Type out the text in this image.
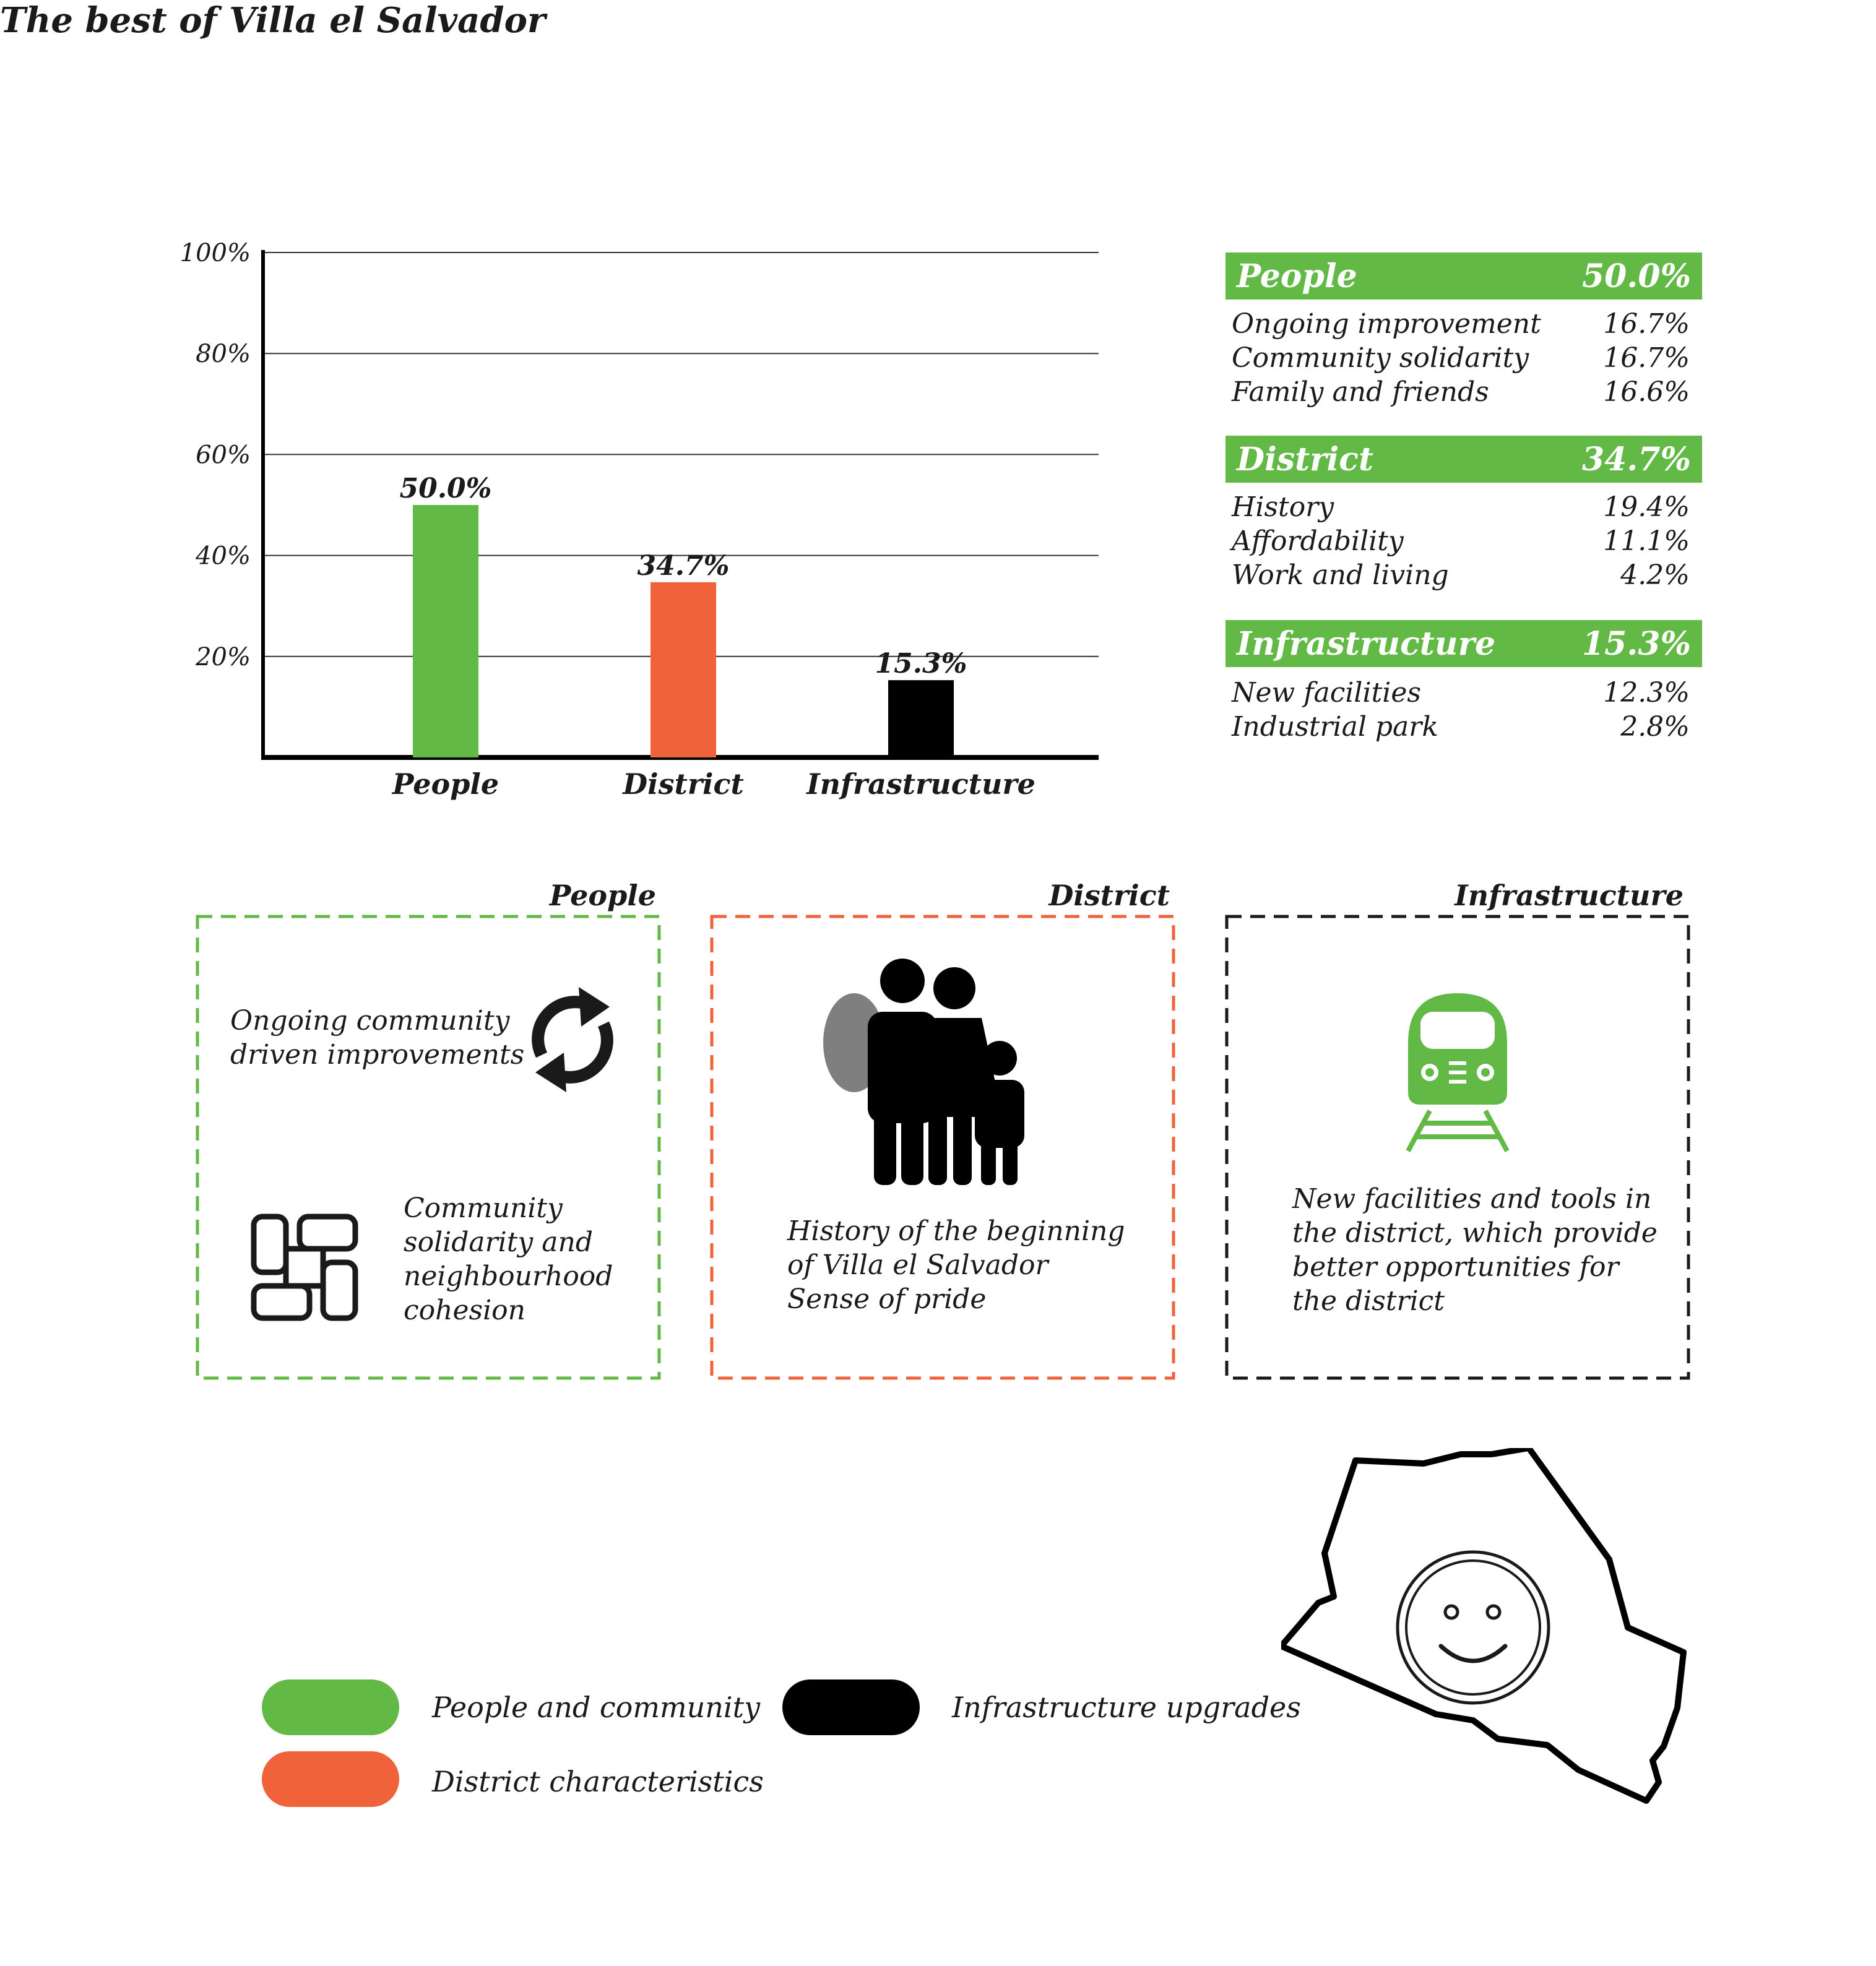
The best of Villa el Salvador
20%
40%
60%
80%
100%
50.0%
People
34.7%
District
15.3%
Infrastructure
People	50.0%
Ongoing improvement 16.7%
Community solidarity	16.7%
Family and friends	16.6%
District	34.7%
History	19.4%
Affordability	11.1%
Work and living	4.2%
Infrastructure	15.3%
New facilities	12.3%
Industrial park	2.8%
People
Ongoing community
driven improvements
Community
solidarity and
neighbourhood
cohesion
District
History of the beginning
of Villa el Salvador
Sense of pride
Infrastructure
New facilities and tools in
the district, which provide
better opportunities for
the district
People and community
District characteristics
Infrastructure upgrades
